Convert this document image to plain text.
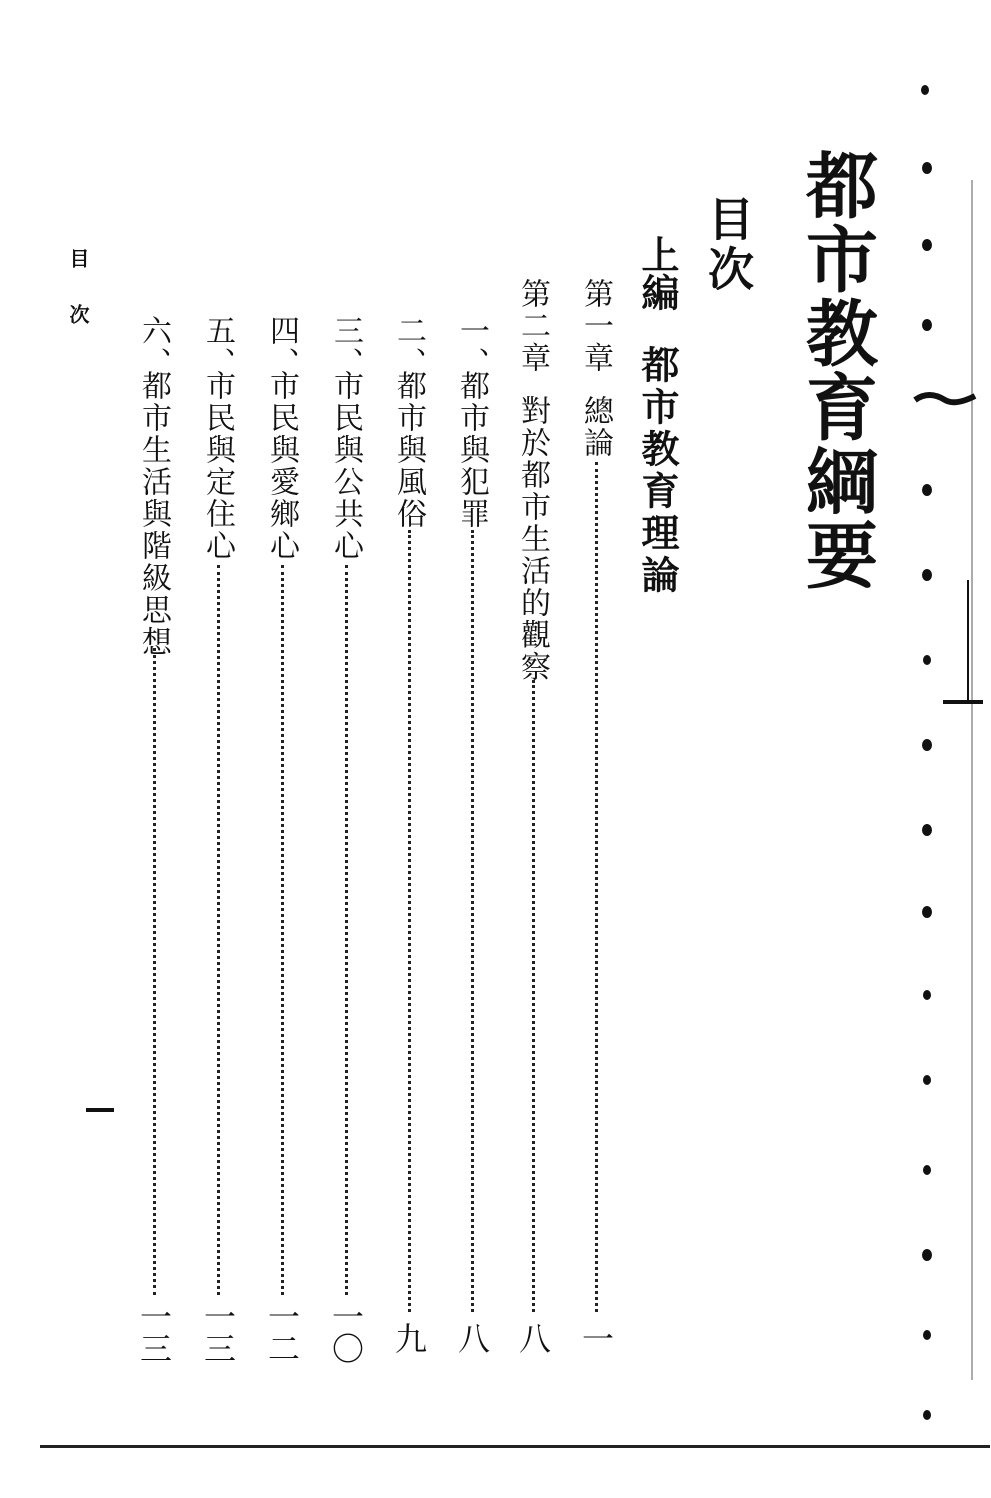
都市教育綱要
目次
上編
都市教育理論
第一章
總論
一
第二章
對於都市生活的觀察
八
一、
都市與犯罪
八
二、
都市與風俗
九
三、
市民與公共心
一〇
四、
市民與愛鄉心
一二
五、
市民與定住心
一三
六、
都市生活與階級思想
一三
目次
